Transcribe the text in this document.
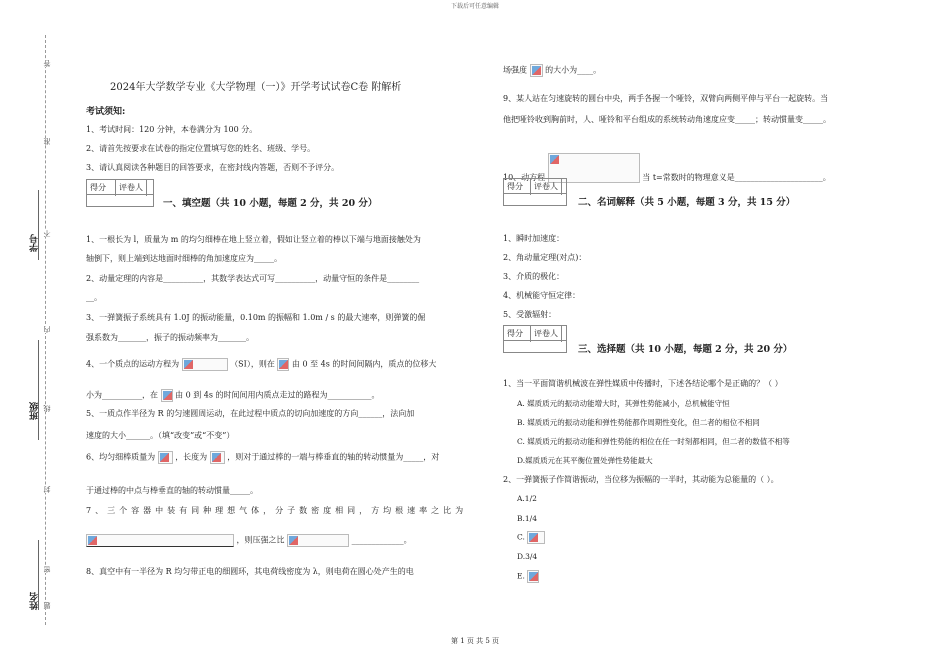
下载后可任意编辑
学号
班级
姓名
答
准
不
内
线
封
密
题
2024年大学数学专业《大学物理（一）》开学考试试卷C卷 附解析
考试须知:
1、考试时间：120 分钟，本卷满分为 100 分。
2、请首先按要求在试卷的指定位置填写您的姓名、班级、学号。
3、请认真阅读各种题目的回答要求，在密封线内答题，否则不予评分。
得分	评卷人
一、填空题（共 10 小题，每题 2 分，共 20 分）
1、一根长为 l，质量为 m 的均匀细棒在地上竖立着，假如让竖立着的棒以下端与地面接触处为
轴倒下，则上端到达地面时细棒的角加速度应为_____。
2、动量定理的内容是__________，其数学表达式可写__________，动量守恒的条件是________
__。
3、一弹簧振子系统具有 1.0J 的振动能量，0.10m 的振幅和 1.0m / s 的最大速率，则弹簧的倔
强系数为_______，振子的振动频率为_______。
4、一个质点的运动方程为	（SI），则在 由 0 至 4s 的时间间隔内，质点的位移大
小为__________，在 由 0 到 4s 的时间间用内质点走过的路程为___________。
5、一质点作半径为 R 的匀速圆周运动，在此过程中质点的切向加速度的方向______，法向加
速度的大小______。（填“改变”或“不变”）
6、均匀细棒质量为	，长度为	，则对于通过棒的一端与棒垂直的轴的转动惯量为_____，对
于通过棒的中点与棒垂直的轴的转动惯量_____。
7、三个容器中装有同种理想气体，分子数密度相同，方均根速率之比为
，则压强之比	_____________。
8、真空中有一半径为 R 均匀带正电的细圆环，其电荷线密度为 λ，则电荷在圆心处产生的电
场强度 的大小为____。
9、某人站在匀速旋转的圆台中央，两手各握一个哑铃，双臂向两侧平伸与平台一起旋转。当
他把哑铃收到胸前时，人、哑铃和平台组成的系统转动角速度应变_____；转动惯量变_____。
10、动方程	当 t=常数时的物理意义是______________________。
得分	评卷人
二、名词解释（共 5 小题，每题 3 分，共 15 分）
1、瞬时加速度：
2、角动量定理(对点)：
3、介质的极化：
4、机械能守恒定律：
5、受激辐射：
得分	评卷人
三、选择题（共 10 小题，每题 2 分，共 20 分）
1、当一平面简谐机械波在弹性媒质中传播时，下述各结论哪个是正确的？（ ）
A. 媒质质元的振动动能增大时，其弹性势能减小，总机械能守恒
B. 媒质质元的振动动能和弹性势能都作周期性变化，但二者的相位不相同
C. 媒质质元的振动动能和弹性势能的相位在任一时刻都相同，但二者的数值不相等
D.媒质质元在其平衡位置处弹性势能最大
2、一弹簧振子作简谐振动，当位移为振幅的一半时，其动能为总能量的（ ）。
A.1/2
B.1/4
C.
D.3/4
E.
第 1 页 共 5 页
